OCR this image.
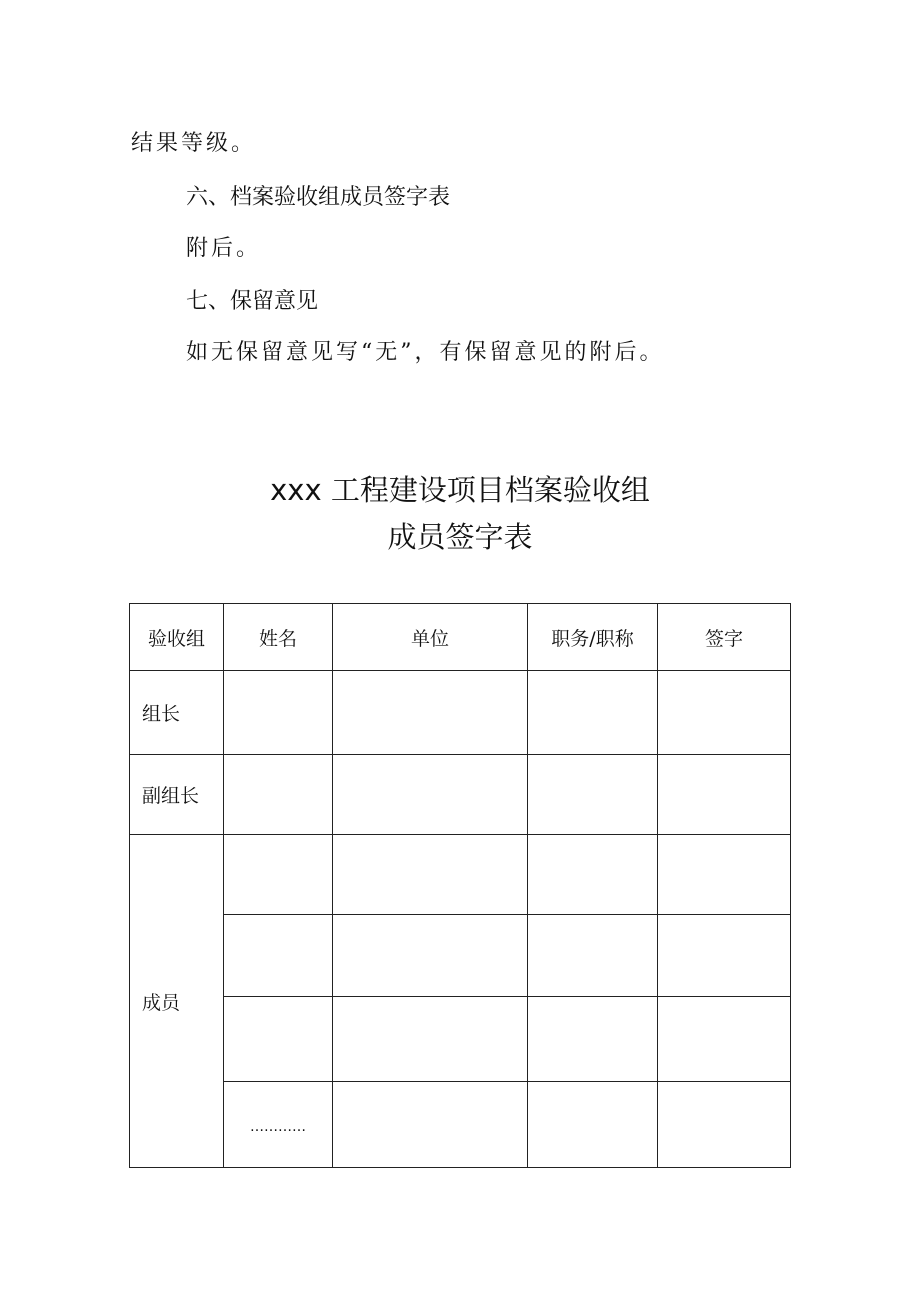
结果等级。
六、档案验收组成员签字表
附后。
七、保留意见
如无保留意见写“无”，有保留意见的附后。
xxx 工程建设项目档案验收组
成员签字表
验收组	姓名	单位	职务/职称	签字
组长				
副组长				
成员				

	…………			
